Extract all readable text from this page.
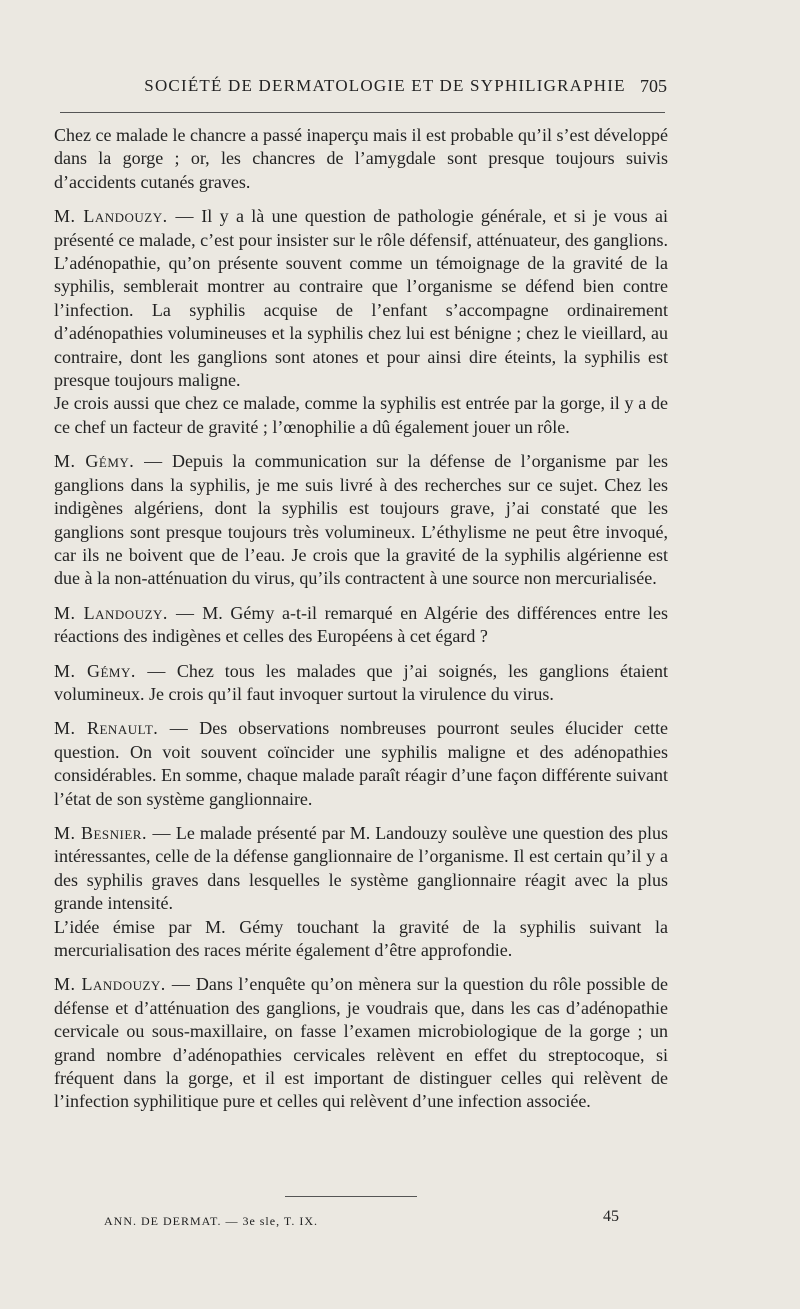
SOCIÉTÉ DE DERMATOLOGIE ET DE SYPHILIGRAPHIE 705

Chez ce malade le chancre a passé inaperçu mais il est probable qu’il s’est développé dans la gorge ; or, les chancres de l’amygdale sont presque toujours suivis d’accidents cutanés graves.

M. Landouzy. — Il y a là une question de pathologie générale, et si je vous ai présenté ce malade, c’est pour insister sur le rôle défensif, atténuateur, des ganglions. L’adénopathie, qu’on présente souvent comme un témoignage de la gravité de la syphilis, semblerait montrer au contraire que l’organisme se défend bien contre l’infection. La syphilis acquise de l’enfant s’accompagne ordinairement d’adénopathies volumineuses et la syphilis chez lui est bénigne ; chez le vieillard, au contraire, dont les ganglions sont atones et pour ainsi dire éteints, la syphilis est presque toujours maligne.

Je crois aussi que chez ce malade, comme la syphilis est entrée par la gorge, il y a de ce chef un facteur de gravité ; l’œnophilie a dû également jouer un rôle.

M. Gémy. — Depuis la communication sur la défense de l’organisme par les ganglions dans la syphilis, je me suis livré à des recherches sur ce sujet. Chez les indigènes algériens, dont la syphilis est toujours grave, j’ai constaté que les ganglions sont presque toujours très volumineux. L’éthylisme ne peut être invoqué, car ils ne boivent que de l’eau. Je crois que la gravité de la syphilis algérienne est due à la non-atténuation du virus, qu’ils contractent à une source non mercurialisée.

M. Landouzy. — M. Gémy a-t-il remarqué en Algérie des différences entre les réactions des indigènes et celles des Européens à cet égard ?

M. Gémy. — Chez tous les malades que j’ai soignés, les ganglions étaient volumineux. Je crois qu’il faut invoquer surtout la virulence du virus.

M. Renault. — Des observations nombreuses pourront seules élucider cette question. On voit souvent coïncider une syphilis maligne et des adénopathies considérables. En somme, chaque malade paraît réagir d’une façon différente suivant l’état de son système ganglionnaire.

M. Besnier. — Le malade présenté par M. Landouzy soulève une question des plus intéressantes, celle de la défense ganglionnaire de l’organisme. Il est certain qu’il y a des syphilis graves dans lesquelles le système ganglionnaire réagit avec la plus grande intensité.

L’idée émise par M. Gémy touchant la gravité de la syphilis suivant la mercurialisation des races mérite également d’être approfondie.

M. Landouzy. — Dans l’enquête qu’on mènera sur la question du rôle possible de défense et d’atténuation des ganglions, je voudrais que, dans les cas d’adénopathie cervicale ou sous-maxillaire, on fasse l’examen microbiologique de la gorge ; un grand nombre d’adénopathies cervicales relèvent en effet du streptocoque, si fréquent dans la gorge, et il est important de distinguer celles qui relèvent de l’infection syphilitique pure et celles qui relèvent d’une infection associée.

ANN. DE DERMAT. — 3e sle, T. IX.	45
